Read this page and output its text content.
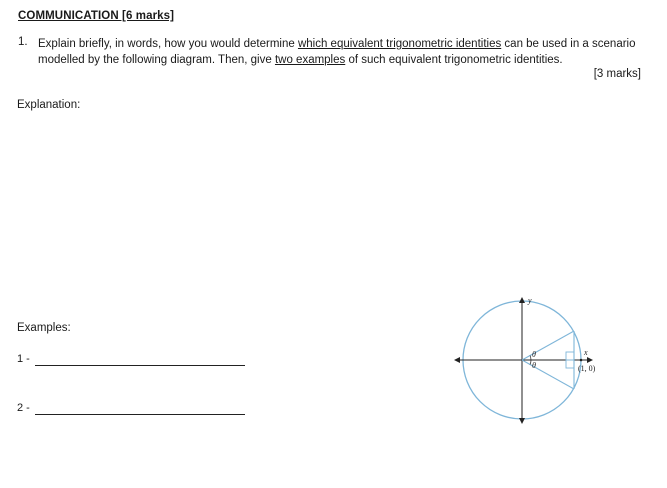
COMMUNICATION [6 marks]
1. Explain briefly, in words, how you would determine which equivalent trigonometric identities can be used in a scenario modelled by the following diagram. Then, give two examples of such equivalent trigonometric identities.
[3 marks]
Explanation:
Examples:
1 -
2 -
y
θ
θ
x
(1, 0)
